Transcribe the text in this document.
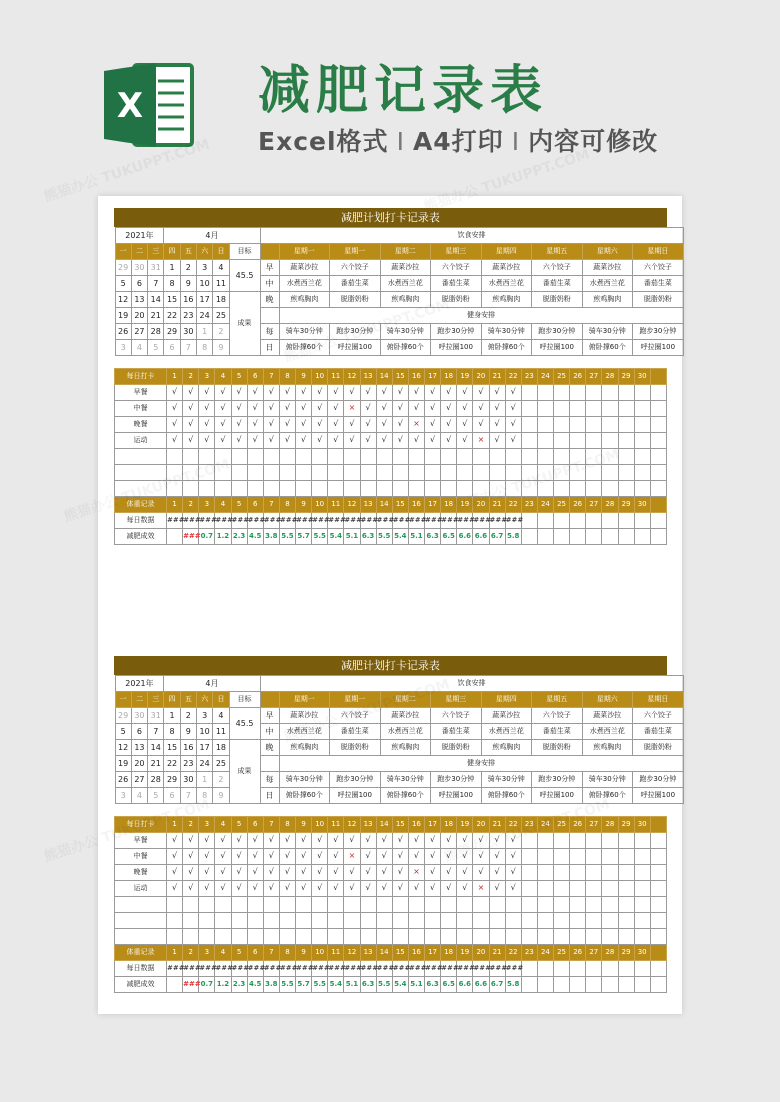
X 减肥记录表
Excel格式 I A4打印 I 内容可修改
减肥计划打卡记录表

2021年	4月	饮食安排
一	二	三	四	五	六	日	目标		星期一	星期一	星期二	星期三	星期四	星期五	星期六	星期日
29	30	31	1	2	3	4	45.5	早	蔬菜沙拉	六个饺子	蔬菜沙拉	六个饺子	蔬菜沙拉	六个饺子	蔬菜沙拉	六个饺子
5	6	7	8	9	10	11	中	水煮西兰花	番茄生菜	水煮西兰花	番茄生菜	水煮西兰花	番茄生菜	水煮西兰花	番茄生菜
12	13	14	15	16	17	18	成果	晚	煎鸡胸肉	脱脂奶粉	煎鸡胸肉	脱脂奶粉	煎鸡胸肉	脱脂奶粉	煎鸡胸肉	脱脂奶粉
19	20	21	22	23	24	25		健身安排
26	27	28	29	30	1	2	每	骑车30分钟	跑步30分钟	骑车30分钟	跑步30分钟	骑车30分钟	跑步30分钟	骑车30分钟	跑步30分钟
3	4	5	6	7	8	9	日	俯卧撑60个	呼拉圈100	俯卧撑60个	呼拉圈100	俯卧撑60个	呼拉圈100	俯卧撑60个	呼拉圈100

每日打卡	1	2	3	4	5	6	7	8	9	10	11	12	13	14	15	16	17	18	19	20	21	22	23	24	25	26	27	28	29	30	
早餐	√	√	√	√	√	√	√	√	√	√	√	√	√	√	√	√	√	√	√	√	√	√									
中餐	√	√	√	√	√	√	√	√	√	√	√	×	√	√	√	√	√	√	√	√	√	√									
晚餐	√	√	√	√	√	√	√	√	√	√	√	√	√	√	√	×	√	√	√	√	√	√									
运动	√	√	√	√	√	√	√	√	√	√	√	√	√	√	√	√	√	√	√	×	√	√									

体重记录	1	2	3	4	5	6	7	8	9	10	11	12	13	14	15	16	17	18	19	20	21	22	23	24	25	26	27	28	29	30	
每日数据	###	###	###	###	###	###	###	###	###	###	###	###	###	###	###	###	###	###	###	###	###	###									
减肥成效		###	0.7	1.2	2.3	4.5	3.8	5.5	5.7	5.5	5.4	5.1	6.3	5.5	5.4	5.1	6.3	6.5	6.6	6.6	6.7	5.8									
减肥计划打卡记录表

2021年	4月	饮食安排
一	二	三	四	五	六	日	目标		星期一	星期一	星期二	星期三	星期四	星期五	星期六	星期日
29	30	31	1	2	3	4	45.5	早	蔬菜沙拉	六个饺子	蔬菜沙拉	六个饺子	蔬菜沙拉	六个饺子	蔬菜沙拉	六个饺子
5	6	7	8	9	10	11	中	水煮西兰花	番茄生菜	水煮西兰花	番茄生菜	水煮西兰花	番茄生菜	水煮西兰花	番茄生菜
12	13	14	15	16	17	18	成果	晚	煎鸡胸肉	脱脂奶粉	煎鸡胸肉	脱脂奶粉	煎鸡胸肉	脱脂奶粉	煎鸡胸肉	脱脂奶粉
19	20	21	22	23	24	25		健身安排
26	27	28	29	30	1	2	每	骑车30分钟	跑步30分钟	骑车30分钟	跑步30分钟	骑车30分钟	跑步30分钟	骑车30分钟	跑步30分钟
3	4	5	6	7	8	9	日	俯卧撑60个	呼拉圈100	俯卧撑60个	呼拉圈100	俯卧撑60个	呼拉圈100	俯卧撑60个	呼拉圈100

每日打卡	1	2	3	4	5	6	7	8	9	10	11	12	13	14	15	16	17	18	19	20	21	22	23	24	25	26	27	28	29	30	
早餐	√	√	√	√	√	√	√	√	√	√	√	√	√	√	√	√	√	√	√	√	√	√									
中餐	√	√	√	√	√	√	√	√	√	√	√	×	√	√	√	√	√	√	√	√	√	√									
晚餐	√	√	√	√	√	√	√	√	√	√	√	√	√	√	√	×	√	√	√	√	√	√									
运动	√	√	√	√	√	√	√	√	√	√	√	√	√	√	√	√	√	√	√	×	√	√									

体重记录	1	2	3	4	5	6	7	8	9	10	11	12	13	14	15	16	17	18	19	20	21	22	23	24	25	26	27	28	29	30	
每日数据	###	###	###	###	###	###	###	###	###	###	###	###	###	###	###	###	###	###	###	###	###	###									
减肥成效		###	0.7	1.2	2.3	4.5	3.8	5.5	5.7	5.5	5.4	5.1	6.3	5.5	5.4	5.1	6.3	6.5	6.6	6.6	6.7	5.8									
